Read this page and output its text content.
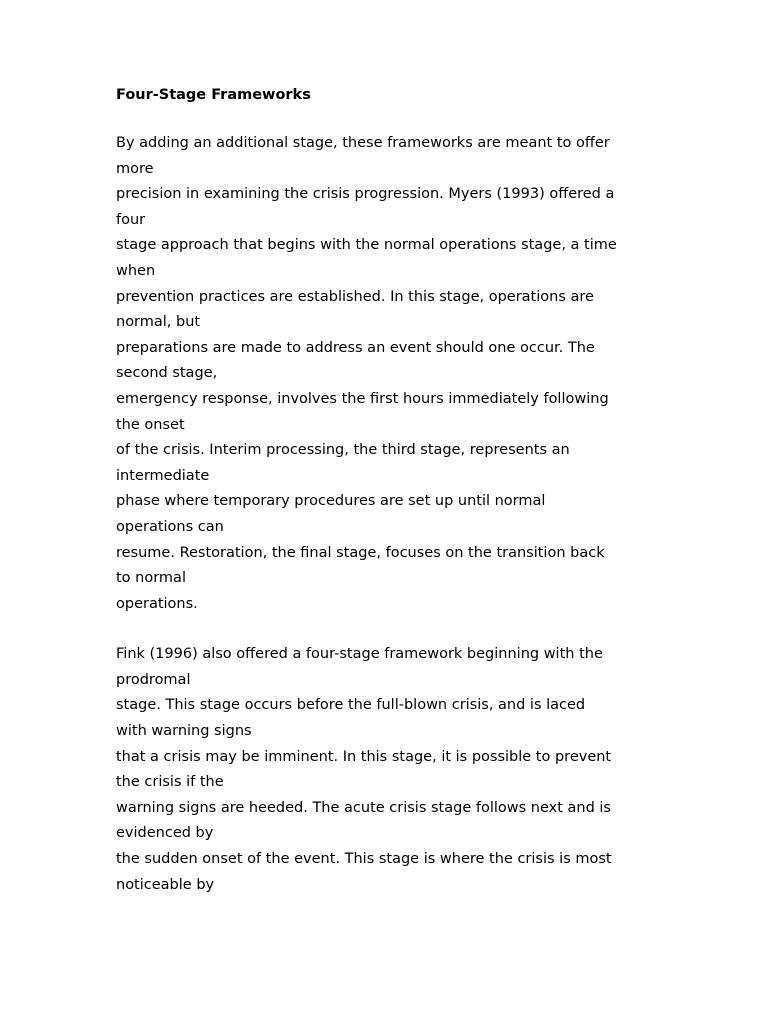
Four-Stage Frameworks

By adding an additional stage, these frameworks are meant to offer
more
precision in examining the crisis progression. Myers (1993) offered a
four
stage approach that begins with the normal operations stage, a time
when
prevention practices are established. In this stage, operations are
normal, but
preparations are made to address an event should one occur. The
second stage,
emergency response, involves the first hours immediately following
the onset
of the crisis. Interim processing, the third stage, represents an
intermediate
phase where temporary procedures are set up until normal
operations can
resume. Restoration, the final stage, focuses on the transition back
to normal
operations.

Fink (1996) also offered a four-stage framework beginning with the
prodromal
stage. This stage occurs before the full-blown crisis, and is laced
with warning signs
that a crisis may be imminent. In this stage, it is possible to prevent
the crisis if the
warning signs are heeded. The acute crisis stage follows next and is
evidenced by
the sudden onset of the event. This stage is where the crisis is most
noticeable by
